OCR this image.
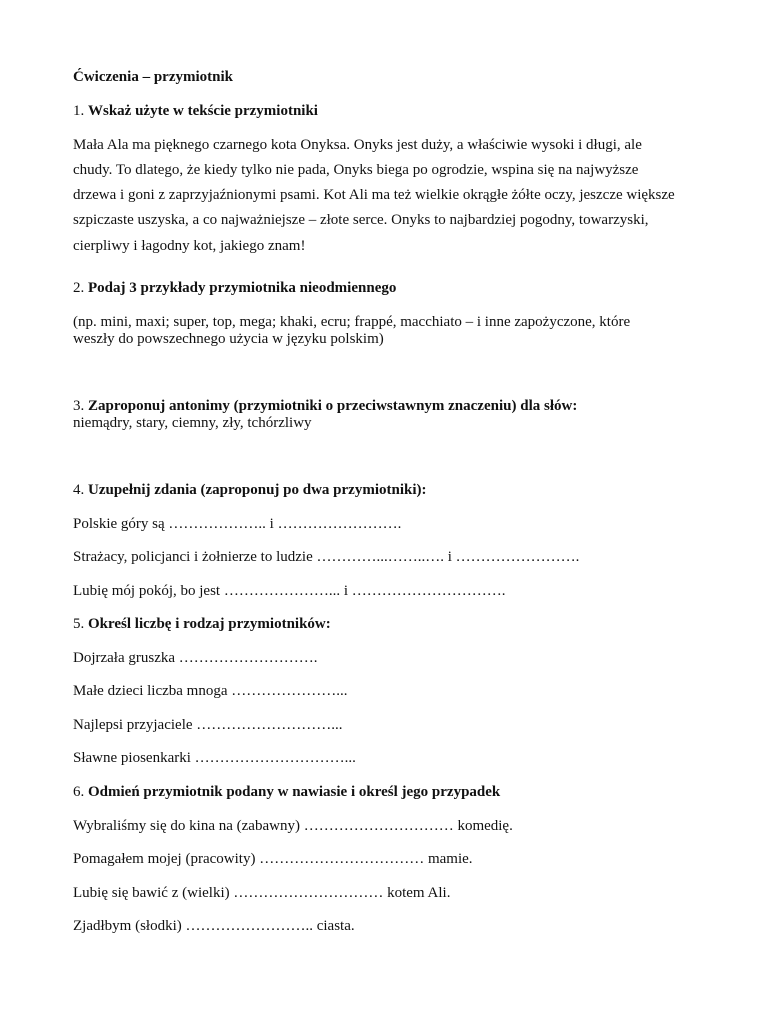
Ćwiczenia – przymiotnik
1. Wskaż użyte w tekście przymiotniki
Mała Ala ma pięknego czarnego kota Onyksa. Onyks jest duży, a właściwie wysoki i długi, ale
chudy. To dlatego, że kiedy tylko nie pada, Onyks biega po ogrodzie, wspina się na najwyższe
drzewa i goni z zaprzyjaźnionymi psami. Kot Ali ma też wielkie okrągłe żółte oczy, jeszcze większe
szpiczaste uszyska, a co najważniejsze – złote serce. Onyks to najbardziej pogodny, towarzyski,
cierpliwy i łagodny kot, jakiego znam!
2. Podaj 3 przykłady przymiotnika nieodmiennego
(np. mini, maxi; super, top, mega; khaki, ecru; frappé, macchiato – i inne zapożyczone, które
weszły do powszechnego użycia w języku polskim)
3. Zaproponuj antonimy (przymiotniki o przeciwstawnym znaczeniu) dla słów:
niemądry, stary, ciemny, zły, tchórzliwy
4. Uzupełnij zdania (zaproponuj po dwa przymiotniki):
Polskie góry są ……………….. i …………………….
Strażacy, policjanci i żołnierze to ludzie …………...……..…. i …………………….
Lubię mój pokój, bo jest …………………... i ………………………….
5. Określ liczbę i rodzaj przymiotników:
Dojrzała gruszka ……………………….
Małe dzieci liczba mnoga …………………...
Najlepsi przyjaciele ………………………...
Sławne piosenkarki …………………………...
6. Odmień przymiotnik podany w nawiasie i określ jego przypadek
Wybraliśmy się do kina na (zabawny) ………………………… komedię.
Pomagałem mojej (pracowity) …………………………… mamie.
Lubię się bawić z (wielki) ………………………… kotem Ali.
Zjadłbym (słodki) …………………….. ciasta.
